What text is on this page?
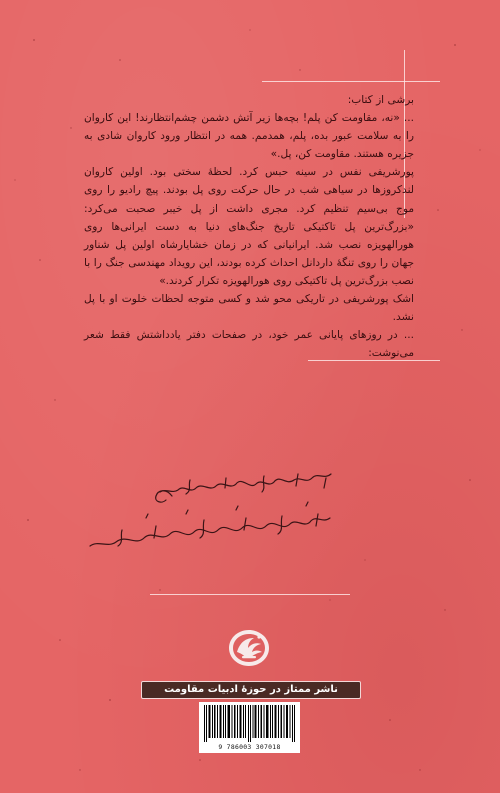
برشی از کتاب:

... «نه، مقاومت کن پلم! بچه‌ها زیر آتش دشمن چشم‌انتظارند! این کاروان را به سلامت عبور بده، پلم، همدمم. همه در انتظار ورود کاروان شادی به جزیره هستند. مقاومت کن، پل.»

پورشریفی نفس در سینه حبس کرد. لحظهٔ سختی بود. اولین کاروان لندکروزها در سیاهی شب در حال حرکت روی پل بودند. پیچ رادیو را روی موج بی‌سیم تنظیم کرد. مجری داشت از پل خیبر صحبت می‌کرد: «بزرگ‌ترین پل تاکتیکی تاریخ جنگ‌های دنیا به دست ایرانی‌ها روی هورالهویزه نصب شد. ایرانیانی که در زمان خشایارشاه اولین پل شناور جهان را روی تنگهٔ داردانل احداث کرده بودند، این رویداد مهندسی جنگ را با نصب بزرگ‌ترین پل تاکتیکی روی هورالهویزه تکرار کردند.»

اشک پورشریفی در تاریکی محو شد و کسی متوجه لحظات خلوت او با پل نشد.

... در روزهای پایانی عمر خود، در صفحات دفتر یادداشتش فقط شعر می‌نوشت:

ناشر ممتاز در حوزهٔ ادبیات مقاومت
9 786003 307018
